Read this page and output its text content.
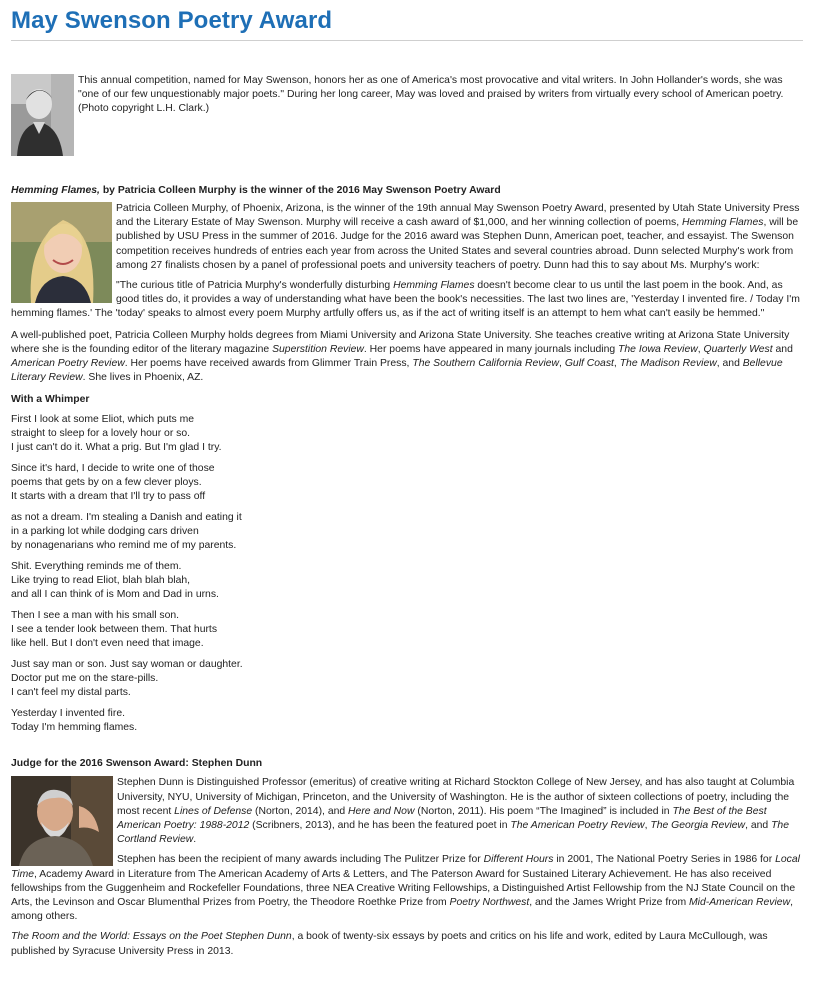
May Swenson Poetry Award

This annual competition, named for May Swenson, honors her as one of America's most provocative and vital writers. In John Hollander's words, she was "one of our few unquestionably major poets." During her long career, May was loved and praised by writers from virtually every school of American poetry. (Photo copyright L.H. Clark.)

Hemming Flames, by Patricia Colleen Murphy is the winner of the 2016 May Swenson Poetry Award

Patricia Colleen Murphy, of Phoenix, Arizona, is the winner of the 19th annual May Swenson Poetry Award, presented by Utah State University Press and the Literary Estate of May Swenson. Murphy will receive a cash award of $1,000, and her winning collection of poems, Hemming Flames, will be published by USU Press in the summer of 2016. Judge for the 2016 award was Stephen Dunn, American poet, teacher, and essayist. The Swenson competition receives hundreds of entries each year from across the United States and several countries abroad. Dunn selected Murphy's work from among 27 finalists chosen by a panel of professional poets and university teachers of poetry. Dunn had this to say about Ms. Murphy's work:

"The curious title of Patricia Murphy's wonderfully disturbing Hemming Flames doesn't become clear to us until the last poem in the book. And, as good titles do, it provides a way of understanding what have been the book's necessities. The last two lines are, 'Yesterday I invented fire. / Today I'm hemming flames.' The 'today' speaks to almost every poem Murphy artfully offers us, as if the act of writing itself is an attempt to hem what can't easily be hemmed."

A well-published poet, Patricia Colleen Murphy holds degrees from Miami University and Arizona State University. She teaches creative writing at Arizona State University where she is the founding editor of the literary magazine Superstition Review. Her poems have appeared in many journals including The Iowa Review, Quarterly West and American Poetry Review. Her poems have received awards from Glimmer Train Press, The Southern California Review, Gulf Coast, The Madison Review, and Bellevue Literary Review. She lives in Phoenix, AZ.

With a Whimper
First I look at some Eliot, which puts me
straight to sleep for a lovely hour or so.
I just can't do it. What a prig. But I'm glad I try.
Since it's hard, I decide to write one of those
poems that gets by on a few clever ploys.
It starts with a dream that I'll try to pass off
as not a dream. I'm stealing a Danish and eating it
in a parking lot while dodging cars driven
by nonagenarians who remind me of my parents.
Shit. Everything reminds me of them.
Like trying to read Eliot, blah blah blah,
and all I can think of is Mom and Dad in urns.
Then I see a man with his small son.
I see a tender look between them. That hurts
like hell. But I don't even need that image.
Just say man or son. Just say woman or daughter.
Doctor put me on the stare-pills.
I can't feel my distal parts.
Yesterday I invented fire.
Today I'm hemming flames.
Judge for the 2016 Swenson Award: Stephen Dunn

Stephen Dunn is Distinguished Professor (emeritus) of creative writing at Richard Stockton College of New Jersey, and has also taught at Columbia University, NYU, University of Michigan, Princeton, and the University of Washington. He is the author of sixteen collections of poetry, including the most recent Lines of Defense (Norton, 2014), and Here and Now (Norton, 2011). His poem “The Imagined” is included in The Best of the Best American Poetry: 1988-2012 (Scribners, 2013), and he has been the featured poet in The American Poetry Review, The Georgia Review, and The Cortland Review.

Stephen has been the recipient of many awards including The Pulitzer Prize for Different Hours in 2001, The National Poetry Series in 1986 for Local Time, Academy Award in Literature from The American Academy of Arts & Letters, and The Paterson Award for Sustained Literary Achievement. He has also received fellowships from the Guggenheim and Rockefeller Foundations, three NEA Creative Writing Fellowships, a Distinguished Artist Fellowship from the NJ State Council on the Arts, the Levinson and Oscar Blumenthal Prizes from Poetry, the Theodore Roethke Prize from Poetry Northwest, and the James Wright Prize from Mid-American Review, among others.

The Room and the World: Essays on the Poet Stephen Dunn, a book of twenty-six essays by poets and critics on his life and work, edited by Laura McCullough, was published by Syracuse University Press in 2013.
